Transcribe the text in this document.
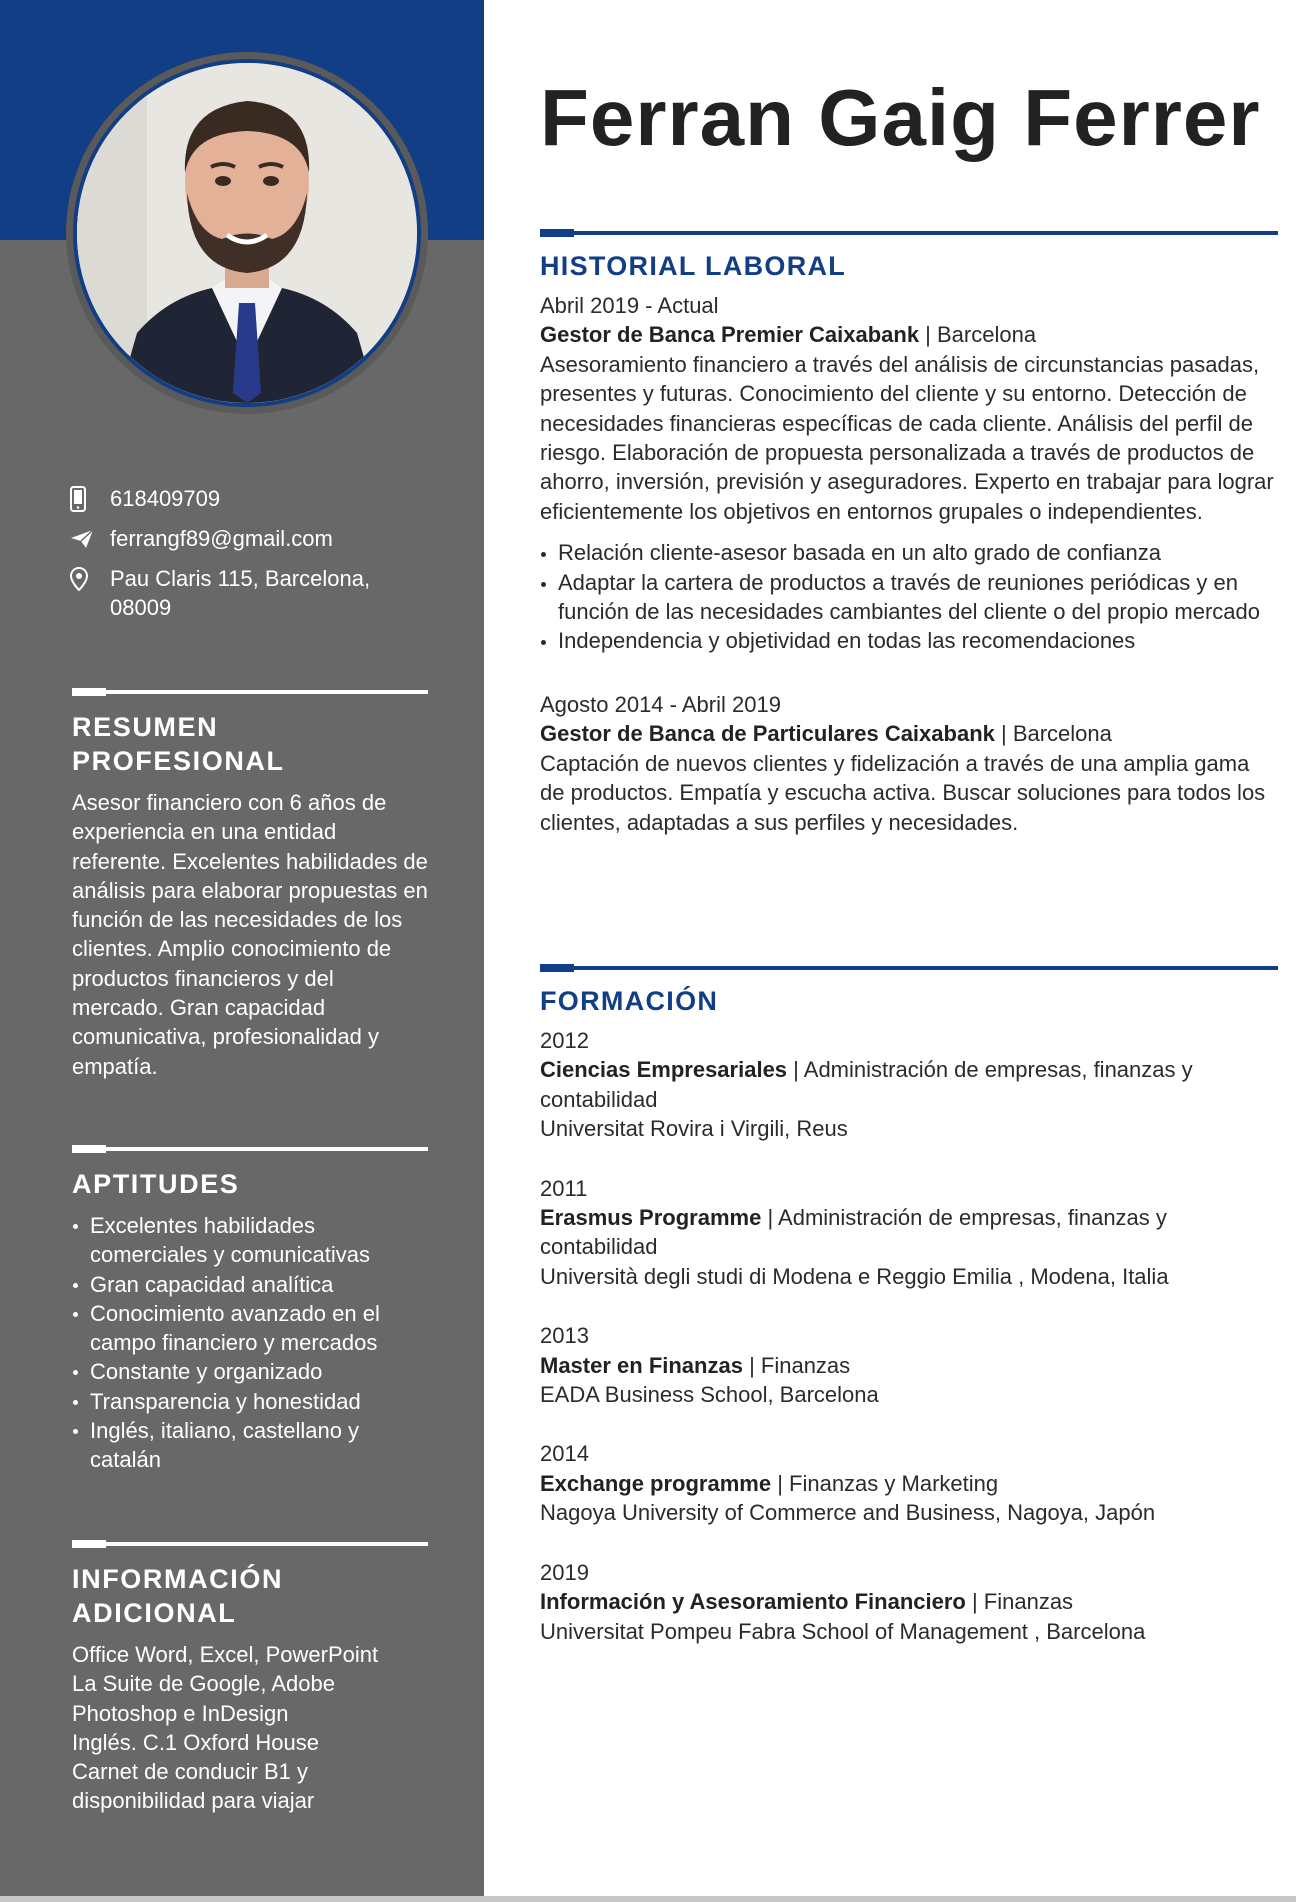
618409709
ferrangf89@gmail.com
Pau Claris 115, Barcelona, 08009
RESUMEN PROFESIONAL

Asesor financiero con 6 años de experiencia en una entidad referente. Excelentes habilidades de análisis para elaborar propuestas en función de las necesidades de los clientes. Amplio conocimiento de productos financieros y del mercado. Gran capacidad comunicativa, profesionalidad y empatía.

APTITUDES
Excelentes habilidades comerciales y comunicativas
Gran capacidad analítica
Conocimiento avanzado en el campo financiero y mercados
Constante y organizado
Transparencia y honestidad
Inglés, italiano, castellano y catalán
INFORMACIÓN ADICIONAL
Office Word, Excel, PowerPoint
La Suite de Google, Adobe Photoshop e InDesign
Inglés. C.1 Oxford House
Carnet de conducir B1 y disponibilidad para viajar
Ferran Gaig Ferrer
HISTORIAL LABORAL
Abril 2019 - Actual
Gestor de Banca Premier Caixabank | Barcelona

Asesoramiento financiero a través del análisis de circunstancias pasadas, presentes y futuras. Conocimiento del cliente y su entorno. Detección de necesidades financieras específicas de cada cliente. Análisis del perfil de riesgo. Elaboración de propuesta personalizada a través de productos de ahorro, inversión, previsión y aseguradores. Experto en trabajar para lograr eficientemente los objetivos en entornos grupales o independientes.

Relación cliente-asesor basada en un alto grado de confianza
Adaptar la cartera de productos a través de reuniones periódicas y en función de las necesidades cambiantes del cliente o del propio mercado
Independencia y objetividad en todas las recomendaciones
Agosto 2014 - Abril 2019
Gestor de Banca de Particulares Caixabank | Barcelona

Captación de nuevos clientes y fidelización a través de una amplia gama de productos. Empatía y escucha activa. Buscar soluciones para todos los clientes, adaptadas a sus perfiles y necesidades.

FORMACIÓN
2012
Ciencias Empresariales | Administración de empresas, finanzas y contabilidad
Universitat Rovira i Virgili, Reus
2011
Erasmus Programme | Administración de empresas, finanzas y contabilidad
Università degli studi di Modena e Reggio Emilia , Modena, Italia
2013
Master en Finanzas | Finanzas
EADA Business School, Barcelona
2014
Exchange programme | Finanzas y Marketing
Nagoya University of Commerce and Business, Nagoya, Japón
2019
Información y Asesoramiento Financiero | Finanzas
Universitat Pompeu Fabra School of Management , Barcelona
